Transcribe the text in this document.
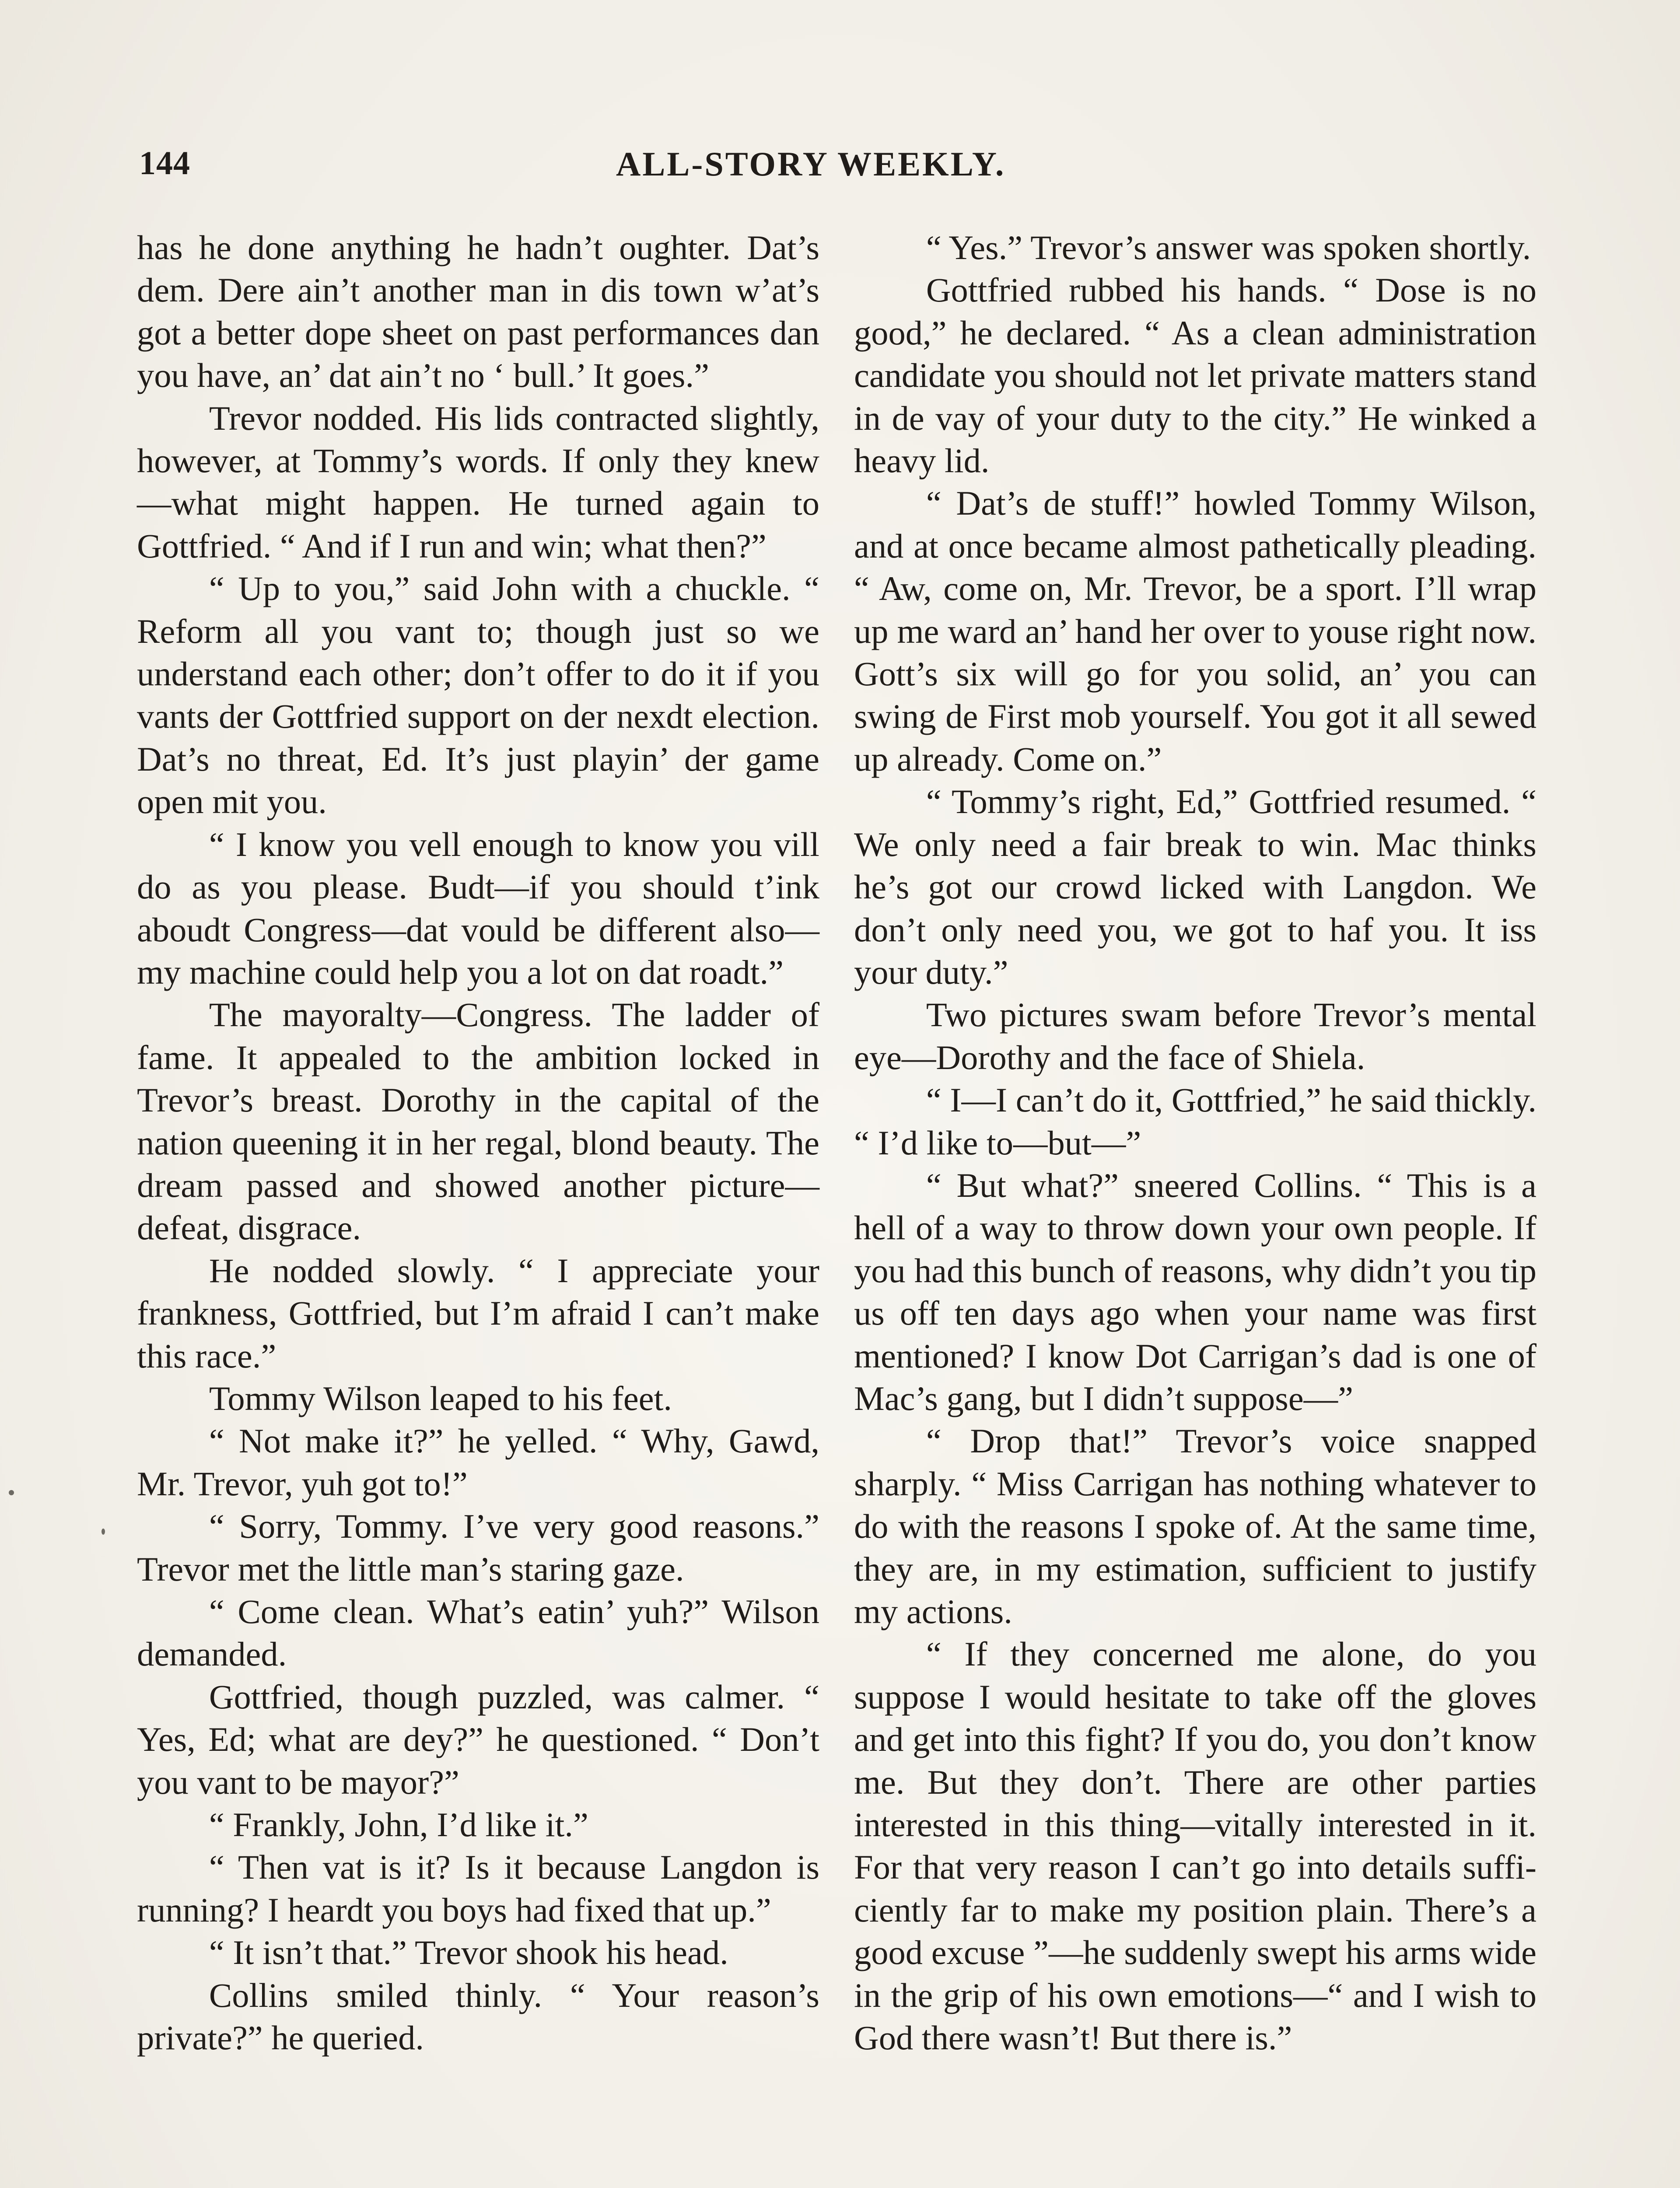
144	ALL-STORY WEEKLY.

has he done anything he hadn’t oughter. Dat’s dem. Dere ain’t another man in dis town w’at’s got a better dope sheet on past performances dan you have, an’ dat ain’t no ‘ bull.’ It goes.”

Trevor nodded. His lids contracted slightly, however, at Tommy’s words. If only they knew—what might happen. He turned again to Gottfried. “ And if I run and win; what then?”

“ Up to you,” said John with a chuckle. “ Reform all you vant to; though just so we understand each other; don’t offer to do it if you vants der Gottfried support on der nexdt election. Dat’s no threat, Ed. It’s just playin’ der game open mit you.

“ I know you vell enough to know you vill do as you please. Budt—if you should t’ink aboudt Congress—dat vould be different also—my machine could help you a lot on dat roadt.”

The mayoralty—Congress. The ladder of fame. It appealed to the ambition locked in Trevor’s breast. Dorothy in the capital of the nation queening it in her regal, blond beauty. The dream passed and showed another picture—defeat, disgrace.

He nodded slowly. “ I appreciate your frankness, Gottfried, but I’m afraid I can’t make this race.”

Tommy Wilson leaped to his feet.

“ Not make it?” he yelled. “ Why, Gawd, Mr. Trevor, yuh got to!”

“ Sorry, Tommy. I’ve very good reasons.” Trevor met the little man’s staring gaze.

“ Come clean. What’s eatin’ yuh?” Wilson demanded.

Gottfried, though puzzled, was calmer. “ Yes, Ed; what are dey?” he questioned. “ Don’t you vant to be mayor?”

“ Frankly, John, I’d like it.”

“ Then vat is it? Is it because Langdon is running? I heardt you boys had fixed that up.”

“ It isn’t that.” Trevor shook his head.

Collins smiled thinly. “ Your reason’s private?” he queried.

“ Yes.” Trevor’s answer was spoken shortly.

Gottfried rubbed his hands. “ Dose is no good,” he declared. “ As a clean administration candidate you should not let private matters stand in de vay of your duty to the city.” He winked a heavy lid.

“ Dat’s de stuff!” howled Tommy Wilson, and at once became almost pathetically pleading. “ Aw, come on, Mr. Trevor, be a sport. I’ll wrap up me ward an’ hand her over to youse right now. Gott’s six will go for you solid, an’ you can swing de First mob yourself. You got it all sewed up already. Come on.”

“ Tommy’s right, Ed,” Gottfried resumed. “ We only need a fair break to win. Mac thinks he’s got our crowd licked with Langdon. We don’t only need you, we got to haf you. It iss your duty.”

Two pictures swam before Trevor’s mental eye—Dorothy and the face of Shiela.

“ I—I can’t do it, Gottfried,” he said thickly. “ I’d like to—but—”

“ But what?” sneered Collins. “ This is a hell of a way to throw down your own people. If you had this bunch of reasons, why didn’t you tip us off ten days ago when your name was first mentioned? I know Dot Carrigan’s dad is one of Mac’s gang, but I didn’t suppose—”

“ Drop that!” Trevor’s voice snapped sharply. “ Miss Carrigan has nothing whatever to do with the reasons I spoke of. At the same time, they are, in my estimation, sufficient to justify my actions.

“ If they concerned me alone, do you suppose I would hesitate to take off the gloves and get into this fight? If you do, you don’t know me. But they don’t. There are other parties interested in this thing—vitally interested in it. For that very reason I can’t go into details sufficiently far to make my position plain. There’s a good excuse ”—he suddenly swept his arms wide in the grip of his own emotions—“ and I wish to God there wasn’t! But there is.”
